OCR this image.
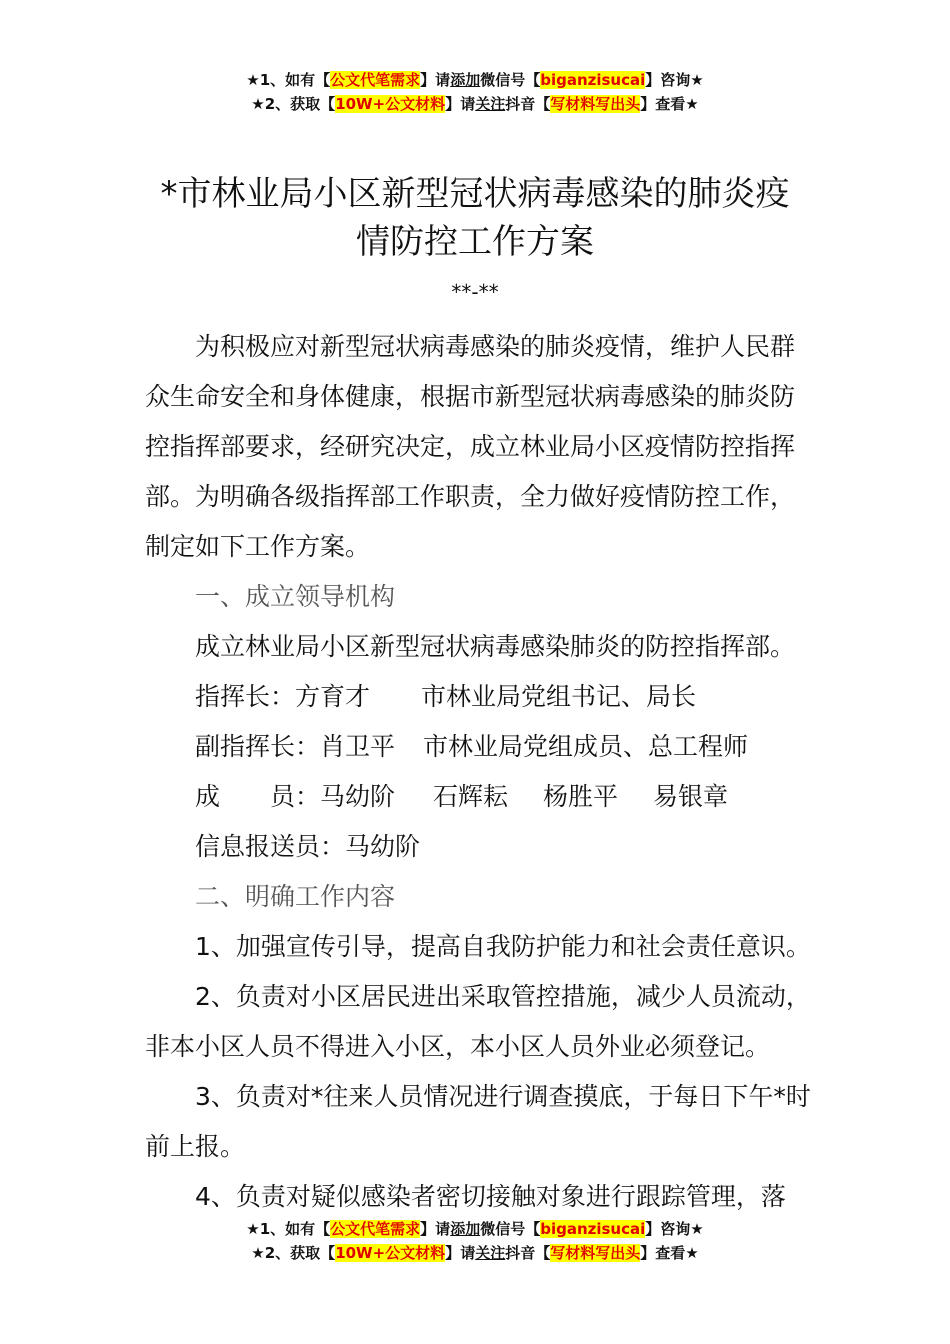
★1、如有【公文代笔需求】请添加微信号【biganzisucai】咨询★
★2、获取【10W+公文材料】请关注抖音【写材料写出头】查看★
*市林业局小区新型冠状病毒感染的肺炎疫
情防控工作方案
**-**

为积极应对新型冠状病毒感染的肺炎疫情，维护人民群众生命安全和身体健康，根据市新型冠状病毒感染的肺炎防控指挥部要求，经研究决定，成立林业局小区疫情防控指挥部。为明确各级指挥部工作职责，全力做好疫情防控工作，制定如下工作方案。

一、成立领导机构

成立林业局小区新型冠状病毒感染肺炎的防控指挥部。

指挥长：方育才	市林业局党组书记、局长
副指挥长：肖卫平	市林业局党组成员、总工程师
成　　员：马幼阶	石辉耘	杨胜平	易银章

信息报送员：马幼阶

二、明确工作内容

1、加强宣传引导，提高自我防护能力和社会责任意识。

2、负责对小区居民进出采取管控措施，减少人员流动，非本小区人员不得进入小区，本小区人员外业必须登记。

3、负责对*往来人员情况进行调查摸底，于每日下午*时前上报。

4、负责对疑似感染者密切接触对象进行跟踪管理，落

★1、如有【公文代笔需求】请添加微信号【biganzisucai】咨询★
★2、获取【10W+公文材料】请关注抖音【写材料写出头】查看★
